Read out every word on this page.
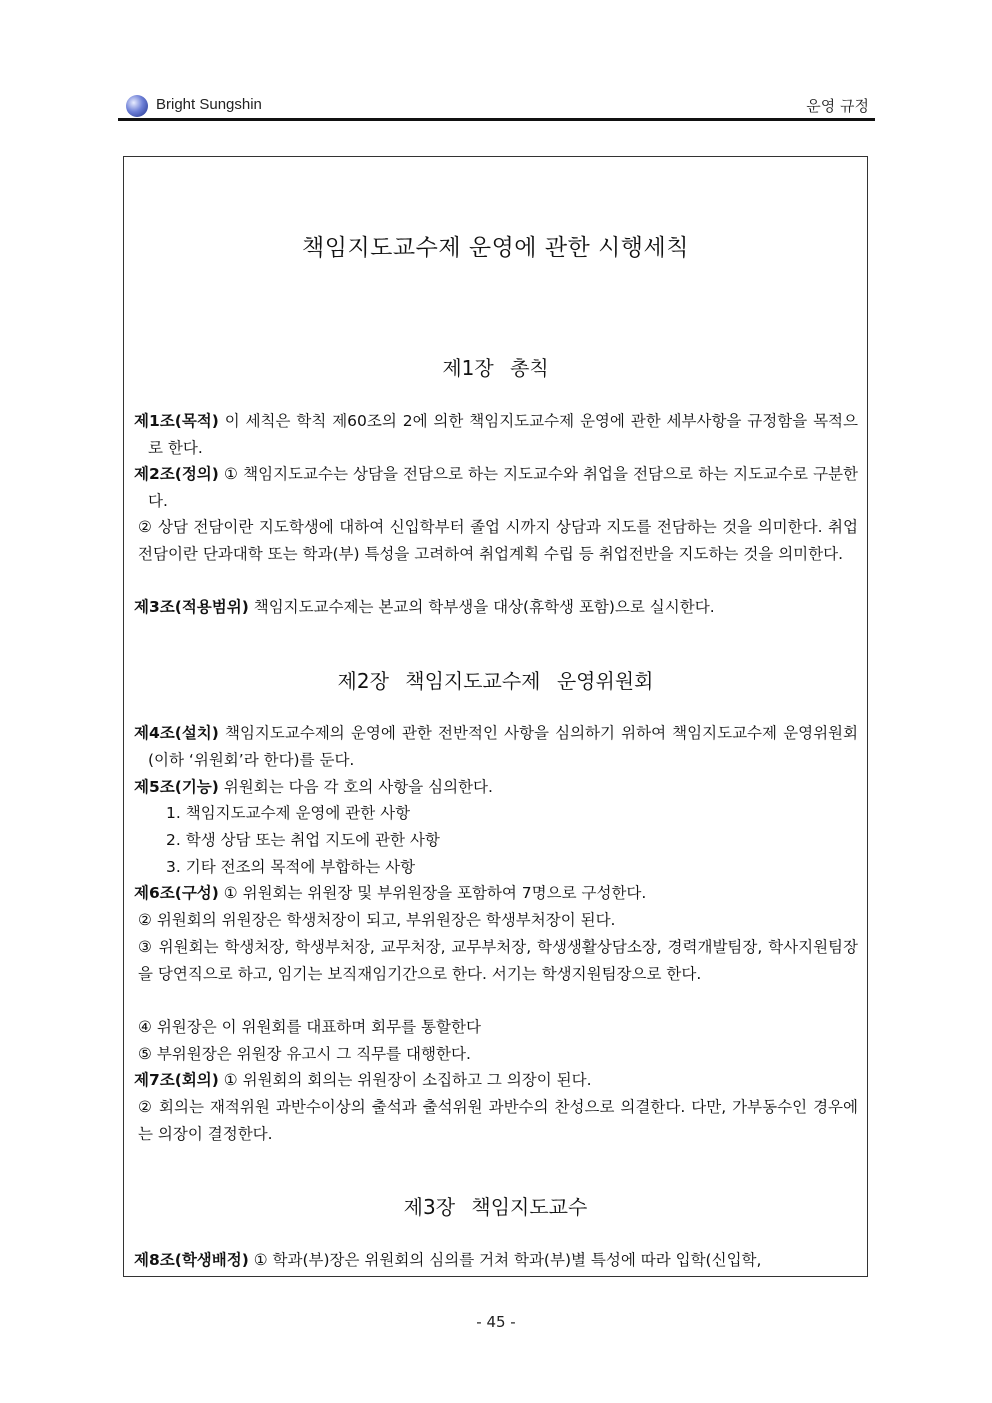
Bright Sungshin	운영 규정
책임지도교수제 운영에 관한 시행세칙
제1장 총칙
제1조(목적) 이 세칙은 학칙 제60조의 2에 의한 책임지도교수제 운영에 관한 세부사항을 규정함을 목적으로 한다.
제2조(정의) ① 책임지도교수는 상담을 전담으로 하는 지도교수와 취업을 전담으로 하는 지도교수로 구분한다.
② 상담 전담이란 지도학생에 대하여 신입학부터 졸업 시까지 상담과 지도를 전담하는 것을 의미한다. 취업 전담이란 단과대학 또는 학과(부) 특성을 고려하여 취업계획 수립 등 취업전반을 지도하는 것을 의미한다.
제3조(적용범위) 책임지도교수제는 본교의 학부생을 대상(휴학생 포함)으로 실시한다.
제2장 책임지도교수제 운영위원회
제4조(설치) 책임지도교수제의 운영에 관한 전반적인 사항을 심의하기 위하여 책임지도교수제 운영위원회(이하 ‘위원회’라 한다)를 둔다.
제5조(기능) 위원회는 다음 각 호의 사항을 심의한다.
1. 책임지도교수제 운영에 관한 사항
2. 학생 상담 또는 취업 지도에 관한 사항
3. 기타 전조의 목적에 부합하는 사항
제6조(구성) ① 위원회는 위원장 및 부위원장을 포함하여 7명으로 구성한다.
② 위원회의 위원장은 학생처장이 되고, 부위원장은 학생부처장이 된다.
③ 위원회는 학생처장, 학생부처장, 교무처장, 교무부처장, 학생생활상담소장, 경력개발팀장, 학사지원팀장을 당연직으로 하고, 임기는 보직재임기간으로 한다. 서기는 학생지원팀장으로 한다.
④ 위원장은 이 위원회를 대표하며 회무를 통할한다
⑤ 부위원장은 위원장 유고시 그 직무를 대행한다.
제7조(회의) ① 위원회의 회의는 위원장이 소집하고 그 의장이 된다.
② 회의는 재적위원 과반수이상의 출석과 출석위원 과반수의 찬성으로 의결한다. 다만, 가부동수인 경우에는 의장이 결정한다.
제3장 책임지도교수
제8조(학생배정) ① 학과(부)장은 위원회의 심의를 거쳐 학과(부)별 특성에 따라 입학(신입학,
- 45 -
